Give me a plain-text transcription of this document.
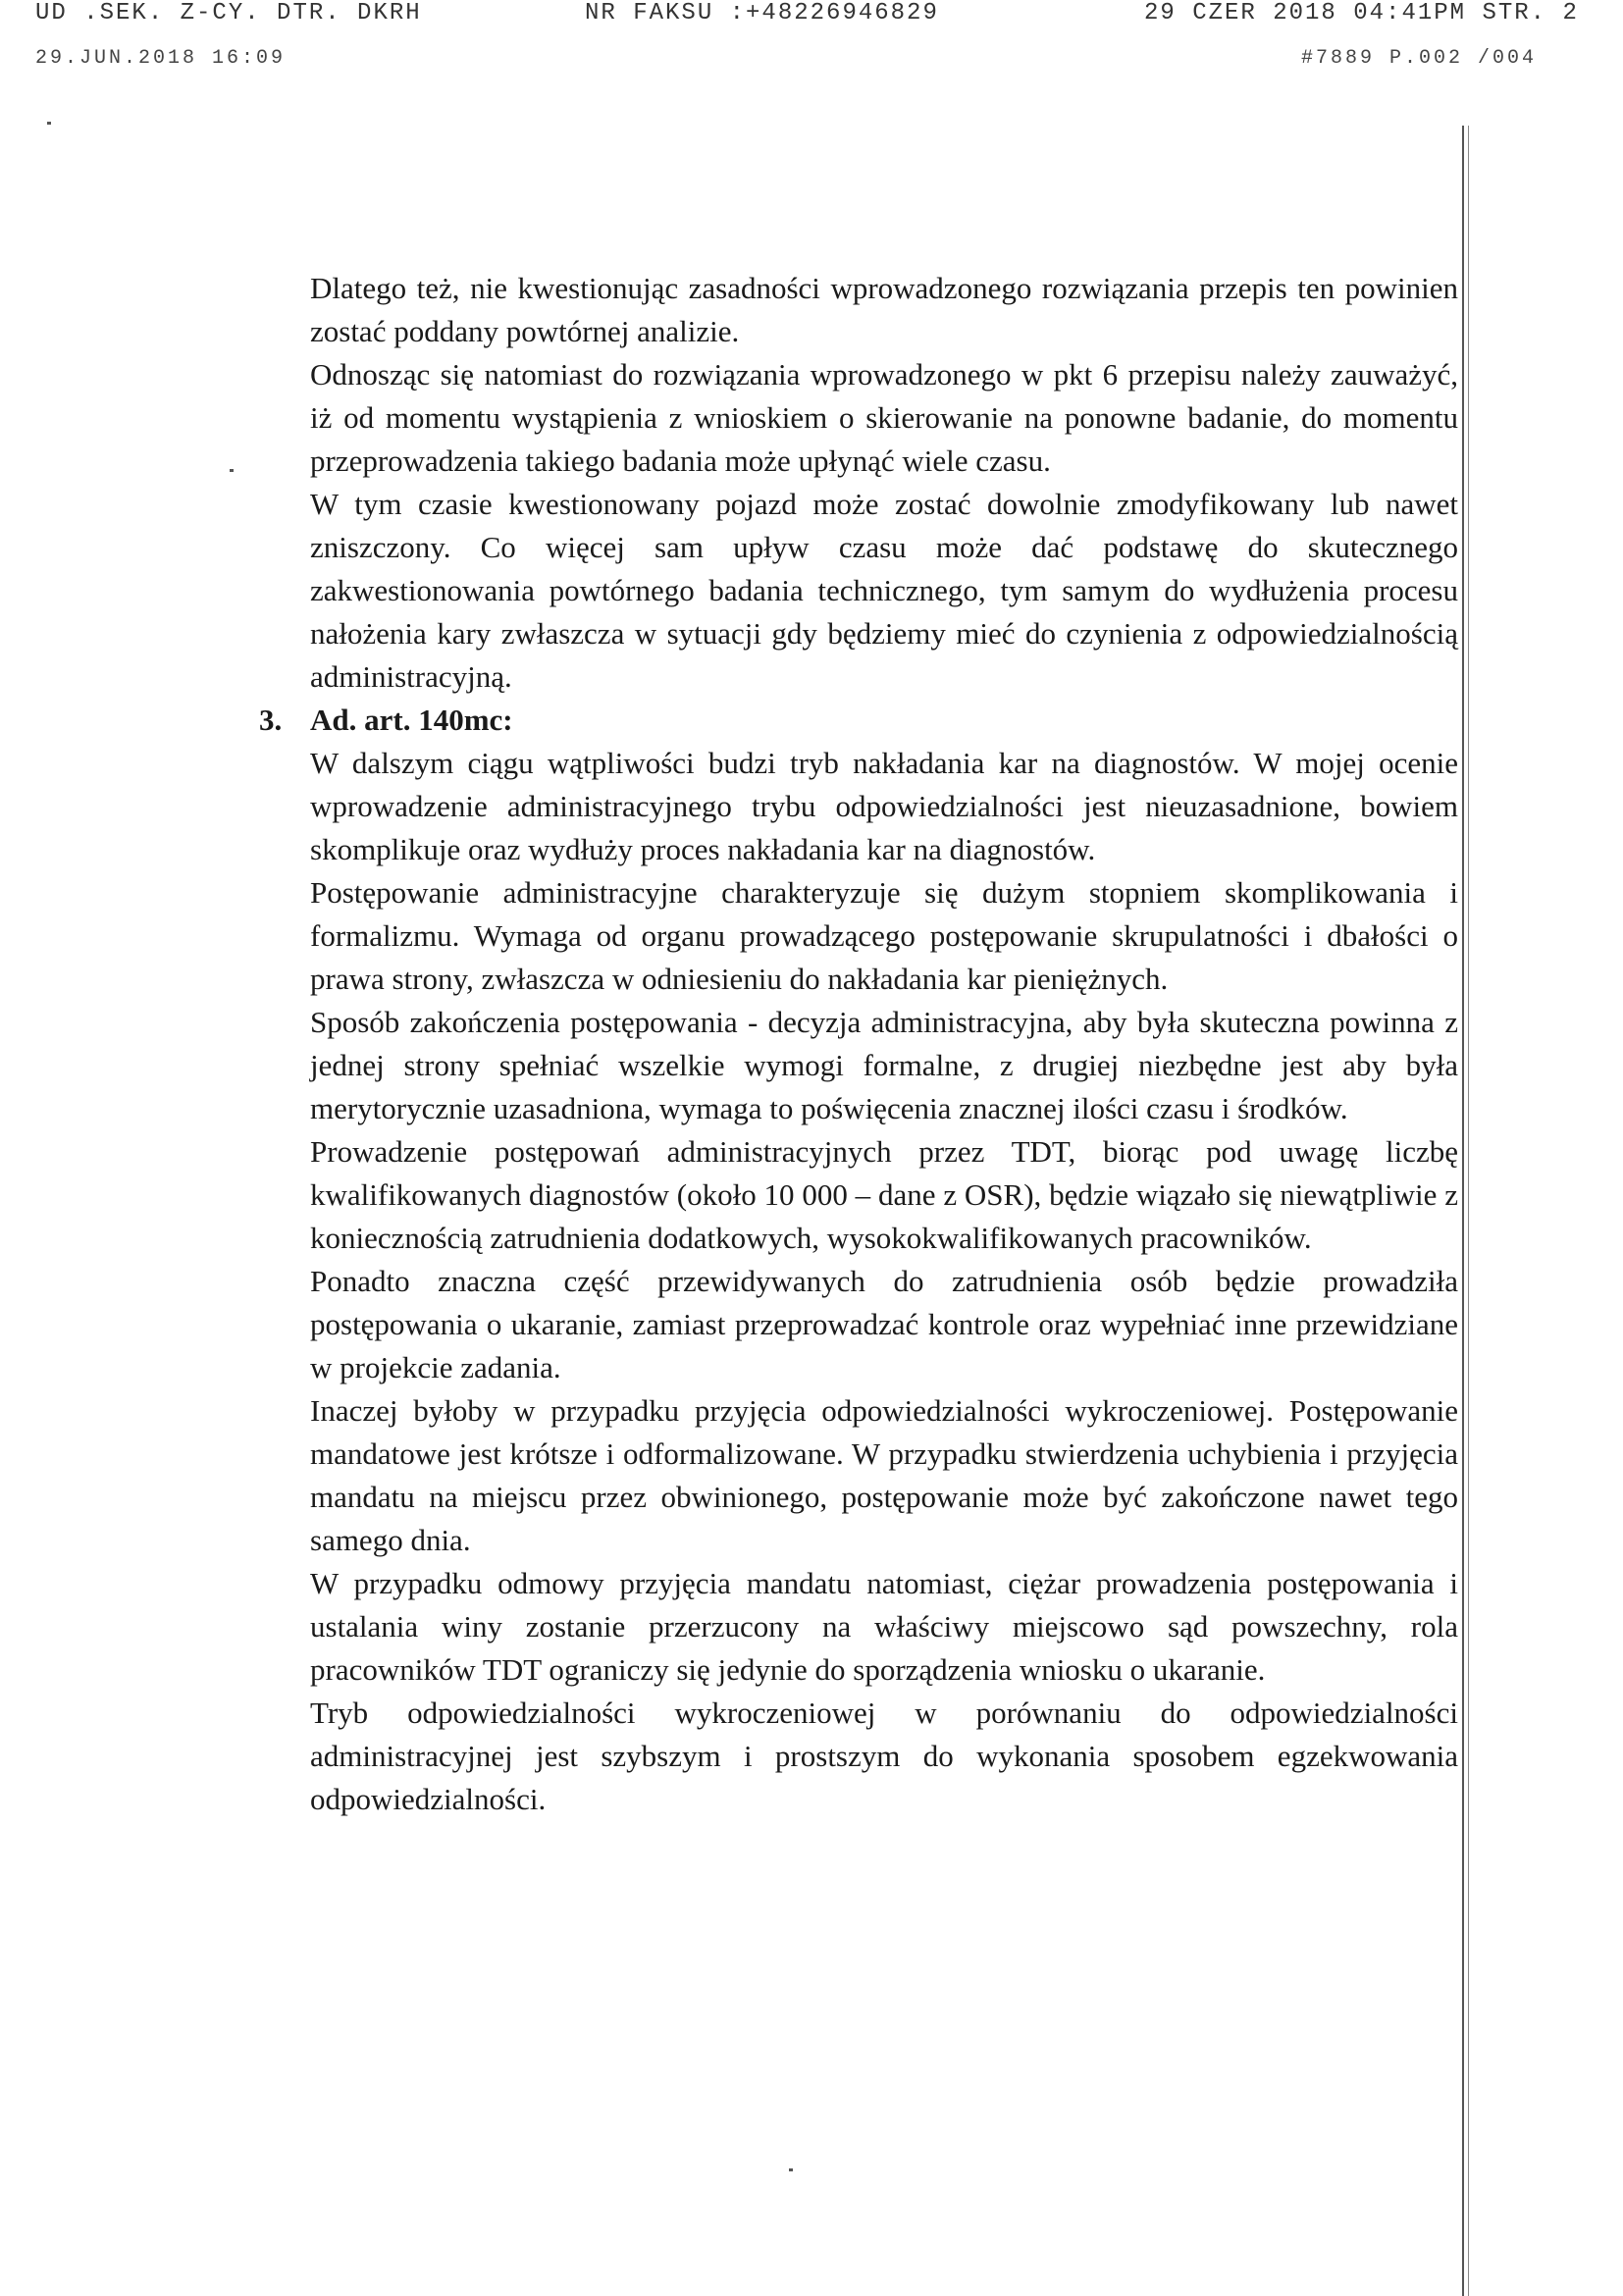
UD .SEK. Z-CY. DTR. DKRH	NR FAKSU :+48226946829	29 CZER 2018 04:41PM STR. 2
29.JUN.2018 16:09	#7889 P.002 /004

Dlatego też, nie kwestionując zasadności wprowadzonego rozwiązania przepis ten powinien zostać poddany powtórnej analizie.

Odnosząc się natomiast do rozwiązania wprowadzonego w pkt 6 przepisu należy zauważyć, iż od momentu wystąpienia z wnioskiem o skierowanie na ponowne badanie, do momentu przeprowadzenia takiego badania może upłynąć wiele czasu.

W tym czasie kwestionowany pojazd może zostać dowolnie zmodyfikowany lub nawet zniszczony. Co więcej sam upływ czasu może dać podstawę do skutecznego zakwestionowania powtórnego badania technicznego, tym samym do wydłużenia procesu nałożenia kary zwłaszcza w sytuacji gdy będziemy mieć do czynienia z odpowiedzialnością administracyjną.

3. Ad. art. 140mc:

W dalszym ciągu wątpliwości budzi tryb nakładania kar na diagnostów. W mojej ocenie wprowadzenie administracyjnego trybu odpowiedzialności jest nieuzasadnione, bowiem skomplikuje oraz wydłuży proces nakładania kar na diagnostów.

Postępowanie administracyjne charakteryzuje się dużym stopniem skomplikowania i formalizmu. Wymaga od organu prowadzącego postępowanie skrupulatności i dbałości o prawa strony, zwłaszcza w odniesieniu do nakładania kar pieniężnych.

Sposób zakończenia postępowania - decyzja administracyjna, aby była skuteczna powinna z jednej strony spełniać wszelkie wymogi formalne, z drugiej niezbędne jest aby była merytorycznie uzasadniona, wymaga to poświęcenia znacznej ilości czasu i środków.

Prowadzenie postępowań administracyjnych przez TDT, biorąc pod uwagę liczbę kwalifikowanych diagnostów (około 10 000 – dane z OSR), będzie wiązało się niewątpliwie z koniecznością zatrudnienia dodatkowych, wysokokwalifikowanych pracowników.

Ponadto znaczna część przewidywanych do zatrudnienia osób będzie prowadziła postępowania o ukaranie, zamiast przeprowadzać kontrole oraz wypełniać inne przewidziane w projekcie zadania.

Inaczej byłoby w przypadku przyjęcia odpowiedzialności wykroczeniowej. Postępowanie mandatowe jest krótsze i odformalizowane. W przypadku stwierdzenia uchybienia i przyjęcia mandatu na miejscu przez obwinionego, postępowanie może być zakończone nawet tego samego dnia.

W przypadku odmowy przyjęcia mandatu natomiast, ciężar prowadzenia postępowania i ustalania winy zostanie przerzucony na właściwy miejscowo sąd powszechny, rola pracowników TDT ograniczy się jedynie do sporządzenia wniosku o ukaranie.

Tryb odpowiedzialności wykroczeniowej w porównaniu do odpowiedzialności administracyjnej jest szybszym i prostszym do wykonania sposobem egzekwowania odpowiedzialności.
